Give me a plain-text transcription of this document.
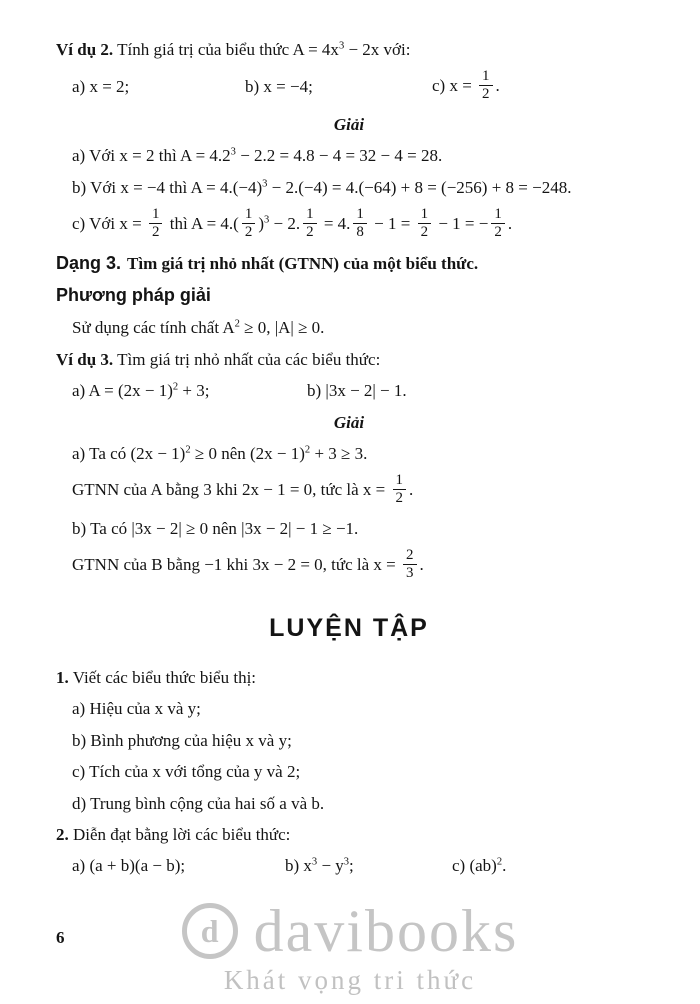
Ví dụ 2. Tính giá trị của biểu thức $A = 4x^3 - 2x$ với:

a) x = 2;	b) x = −4;	c) $x = \frac{1}{2}$ .

Giải

a) Với x = 2 thì $A = 4.2^3 - 2.2 = 4.8 - 4 = 32 - 4 = 28$.

b) Với x = −4 thì $A = 4.(-4)^3 - 2.(-4) = 4.(-64) + 8 = (-256) + 8 = -248$.

c) Với $x = \frac{1}{2}$ thì $A = 4.( \frac{1}{2} )^3 - 2$. $\frac{1}{2} = 4$. $\frac{1}{8} - 1 = \frac{1}{2} - 1$ = − $\frac{1}{2}$ .

Dạng 3. Tìm giá trị nhỏ nhất (GTNN) của một biểu thức.

Phương pháp giải

Sử dụng các tính chất $A^2 \ge 0$, |A| ≥ 0.

Ví dụ 3. Tìm giá trị nhỏ nhất của các biểu thức:

a) $A = (2x - 1)^2 + 3$;	b) |3x − 2| − 1.

Giải

a) Ta có $(2x - 1)^2 \ge 0$ nên $(2x - 1)^2 + 3 \ge 3$.

GTNN của A bằng 3 khi 2x − 1 = 0, tức là $x = \frac{1}{2}$ .

b) Ta có |3x − 2| ≥ 0 nên |3x − 2| − 1 ≥ −1.

GTNN của B bằng −1 khi 3x − 2 = 0, tức là $x = \frac{2}{3}$ .

LUYỆN TẬP

1. Viết các biểu thức biểu thị:

a) Hiệu của x và y;

b) Bình phương của hiệu x và y;

c) Tích của x với tổng của y và 2;

d) Trung bình cộng của hai số a và b.

2. Diễn đạt bằng lời các biểu thức:

a) (a + b)(a − b);	b) $x^3 - y^3$;	c) (ab)$^2$.
6	d davibooks
Khát vọng tri thức
